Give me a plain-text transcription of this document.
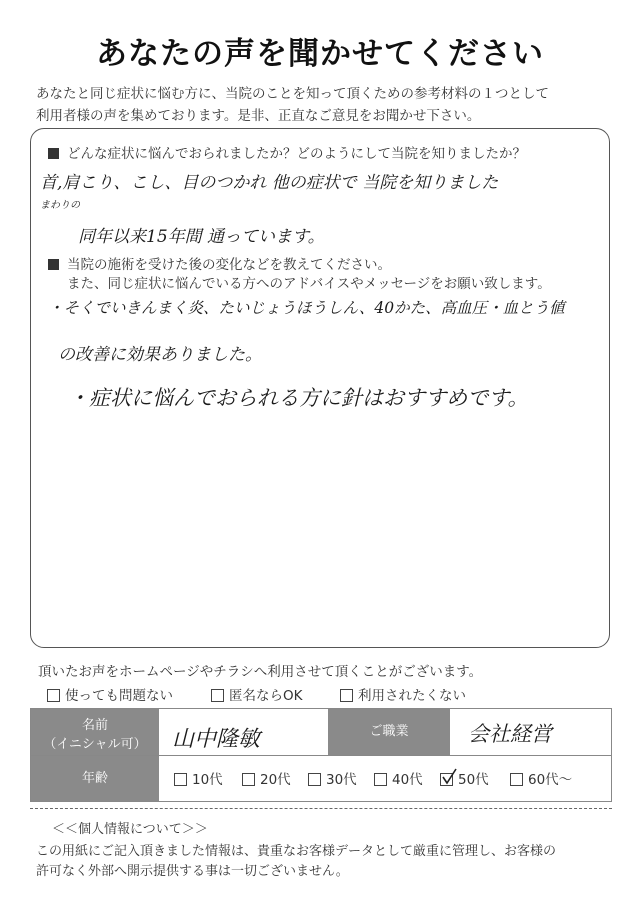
あなたの声を聞かせてください
あなたと同じ症状に悩む方に、当院のことを知って頂くための参考材料の１つとして
利用者様の声を集めております。是非、正直なご意見をお聞かせ下さい。
どんな症状に悩んでおられましたか？どのようにして当院を知りましたか？
まわりの
首,肩こり、こし、目のつかれ 他の症状で 当院を知りました
同年以来15年間 通っています。
当院の施術を受けた後の変化などを教えてください。
また、同じ症状に悩んでいる方へのアドバイスやメッセージをお願い致します。
・そくでいきんまく炎、たいじょうほうしん、40かた、高血圧・血とう値
の改善に効果ありました。
・症状に悩んでおられる方に針はおすすめです。
頂いたお声をホームページやチラシへ利用させて頂くことがございます。
使っても問題ない	匿名ならOK	利用されたくない
名前
（イニシャル可）	山中隆敏	ご職業	会社経営
年齢	10代	20代	30代	40代	50代	60代〜
＜＜個人情報について＞＞
この用紙にご記入頂きました情報は、貴重なお客様データとして厳重に管理し、お客様の
許可なく外部へ開示提供する事は一切ございません。
